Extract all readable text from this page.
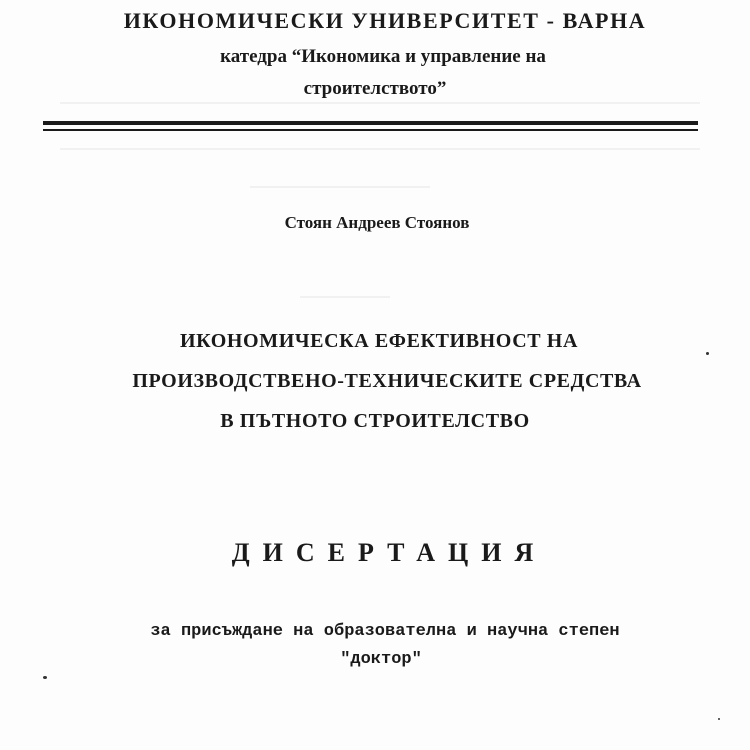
ИКОНОМИЧЕСКИ УНИВЕРСИТЕТ - ВАРНА
катедра “Икономика и управление на
строителството”
Стоян Андреев Стоянов
ИКОНОМИЧЕСКА ЕФЕКТИВНОСТ НА
ПРОИЗВОДСТВЕНО-ТЕХНИЧЕСКИТЕ СРЕДСТВА
В ПЪТНОТО СТРОИТЕЛСТВО
ДИСЕРТАЦИЯ
за присъждане на образователна и научна степен
"доктор"
